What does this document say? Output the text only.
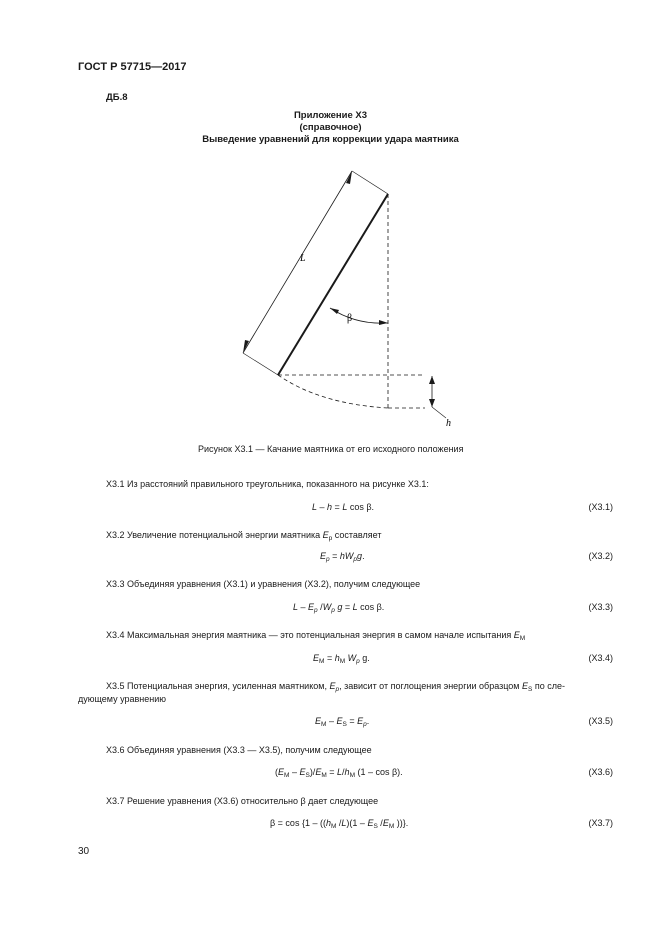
ГОСТ Р 57715—2017
ДБ.8
Приложение Х3
(справочное)
Выведение уравнений для коррекции удара маятника
L
β
h
Рисунок Х3.1 — Качание маятника от его исходного положения
Х3.1 Из расстояний правильного треугольника, показанного на рисунке Х3.1:
L – h = L cos β.	(Х3.1)
Х3.2 Увеличение потенциальной энергии маятника $E_p$ составляет
$E_p = hW_pg$.	(Х3.2)
Х3.3 Объединяя уравнения (Х3.1) и уравнения (Х3.2), получим следующее
L – $E_p$ $/W_p$ g = L cos β.	(Х3.3)
Х3.4 Максимальная энергия маятника — это потенциальная энергия в самом начале испытания $E_M$
$E_M = h_M$ $W_p$ g.	(Х3.4)
Х3.5 Потенциальная энергия, усиленная маятником, $E_p$, зависит от поглощения энергии образцом $E_S$ по сле-
дующему уравнению
$E_M - E_S = E_p$.	(Х3.5)
Х3.6 Объединяя уравнения (Х3.3 — Х3.5), получим следующее
$(E_M - E_S)/E_M = L/h_M$ (1 – cos β).	(Х3.6)
Х3.7 Решение уравнения (Х3.6) относительно β дает следующее
$\beta = \cos \{1 - ((h_M$ $/L)(1 - E_S$ $/E_M$ ))}.	(Х3.7)
30
